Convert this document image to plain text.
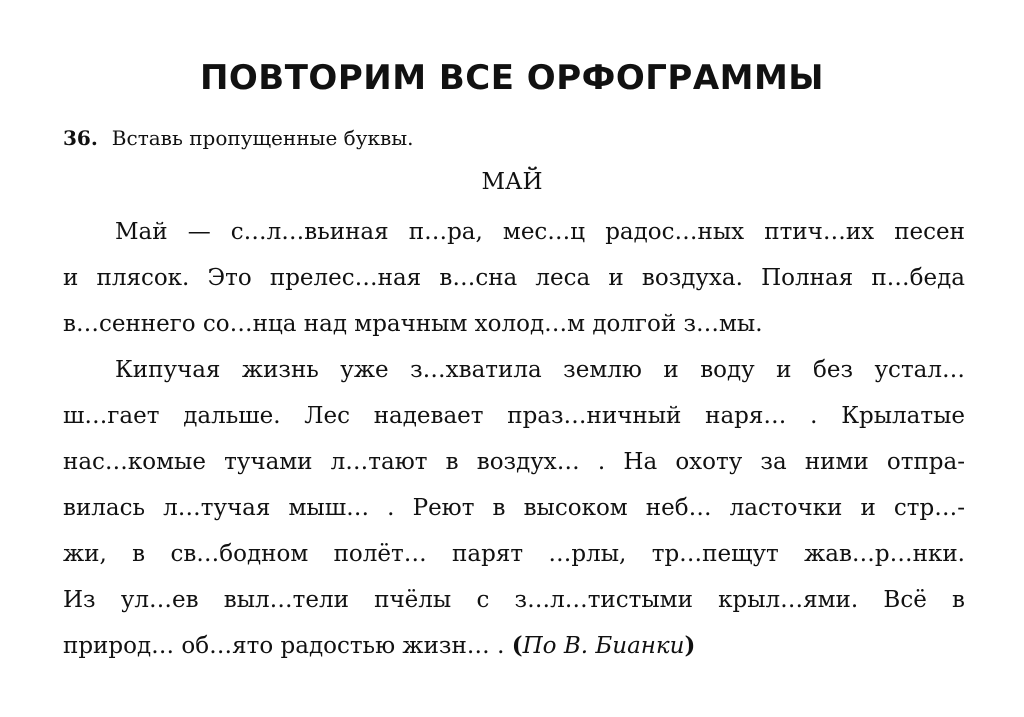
ПОВТОРИМ ВСЕ ОРФОГРАММЫ
36. Вставь пропущенные буквы.
МАЙ
Май — с…л…вьиная п…ра, мес…ц радос…ных птич…их песен
и плясок. Это прелес…ная в…сна леса и воздуха. Полная п…беда
в…сеннего со…нца над мрачным холод…м долгой з…мы.
Кипучая жизнь уже з…хватила землю и воду и без устал…
ш…гает дальше. Лес надевает праз…ничный наря… . Крылатые
нас…комые тучами л…тают в воздух… . На охоту за ними отпра-
вилась л…тучая мыш… . Реют в высоком неб… ласточки и стр…-
жи, в св…бодном полёт… парят …рлы, тр…пещут жав…р…нки.
Из ул…ев выл…тели пчёлы с з…л…тистыми крыл…ями. Всё в
природ… об…ято радостью жизн… . (По В. Бианки)
